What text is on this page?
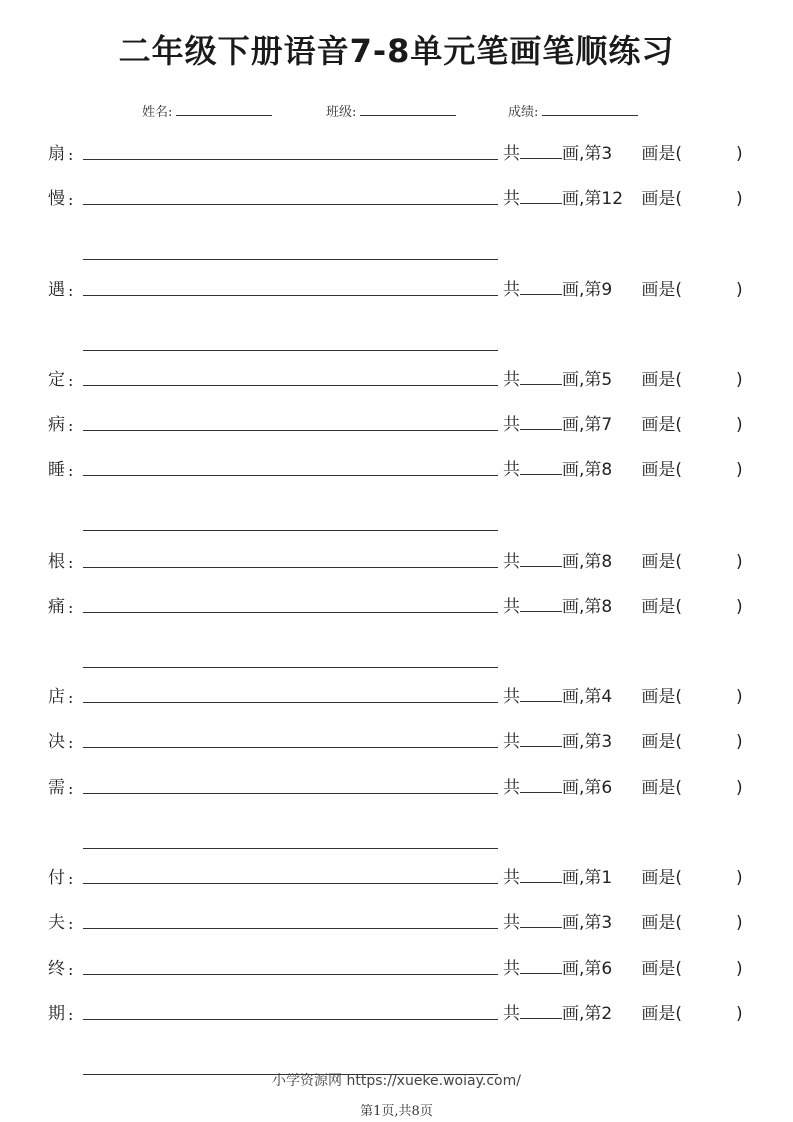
二年级下册语音7-8单元笔画笔顺练习
姓名:	班级:	成绩:
扇 :	共 画,第3 画是(	)
慢 :	共 画,第12 画是(	)
遇 :	共 画,第9 画是(	)
定 :	共 画,第5 画是(	)
病 :	共 画,第7 画是(	)
睡 :	共 画,第8 画是(	)
根 :	共 画,第8 画是(	)
痛 :	共 画,第8 画是(	)
店 :	共 画,第4 画是(	)
决 :	共 画,第3 画是(	)
需 :	共 画,第6 画是(	)
付 :	共 画,第1 画是(	)
夫 :	共 画,第3 画是(	)
终 :	共 画,第6 画是(	)
期 :	共 画,第2 画是(	)
小学资源网 https://xueke.woiay.com/
第1页,共8页
